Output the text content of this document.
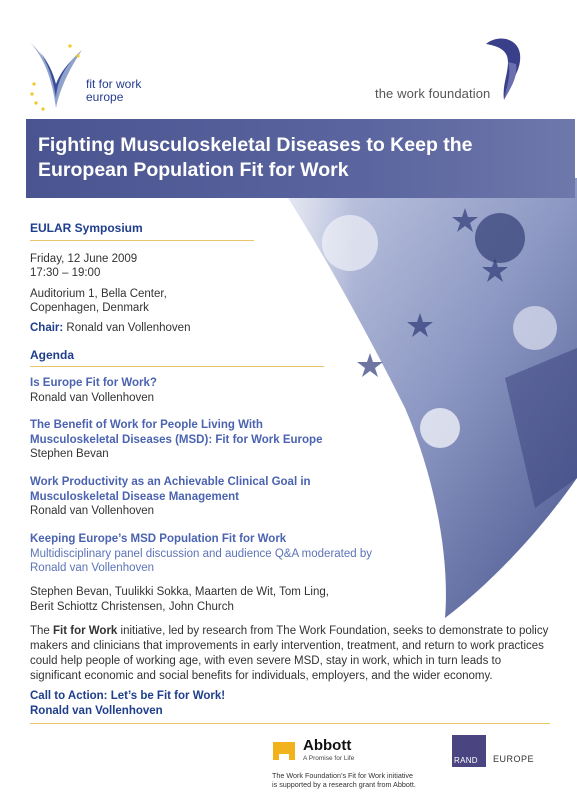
fit for work
europe	the work foundation
Fighting Musculoskeletal Diseases to Keep the European Population Fit for Work
EULAR Symposium
Friday, 12 June 2009
17:30 – 19:00
Auditorium 1, Bella Center,
Copenhagen, Denmark
Chair: Ronald van Vollenhoven
Agenda
Is Europe Fit for Work?
Ronald van Vollenhoven
The Benefit of Work for People Living With
Musculoskeletal Diseases (MSD): Fit for Work Europe
Stephen Bevan
Work Productivity as an Achievable Clinical Goal in
Musculoskeletal Disease Management
Ronald van Vollenhoven
Keeping Europe’s MSD Population Fit for Work
Multidisciplinary panel discussion and audience Q&A moderated by
Ronald van Vollenhoven
Stephen Bevan, Tuulikki Sokka, Maarten de Wit, Tom Ling,
Berit Schiottz Christensen, John Church
The Fit for Work initiative, led by research from The Work Foundation, seeks to demonstrate to policy makers and clinicians that improvements in early intervention, treatment, and return to work practices could help people of working age, with even severe MSD, stay in work, which in turn leads to significant economic and social benefits for individuals, employers, and the wider economy.
Call to Action: Let’s be Fit for Work!
Ronald van Vollenhoven
Abbott
A Promise for Life	RAND EUROPE
The Work Foundation’s Fit for Work initiative
is supported by a research grant from Abbott.
